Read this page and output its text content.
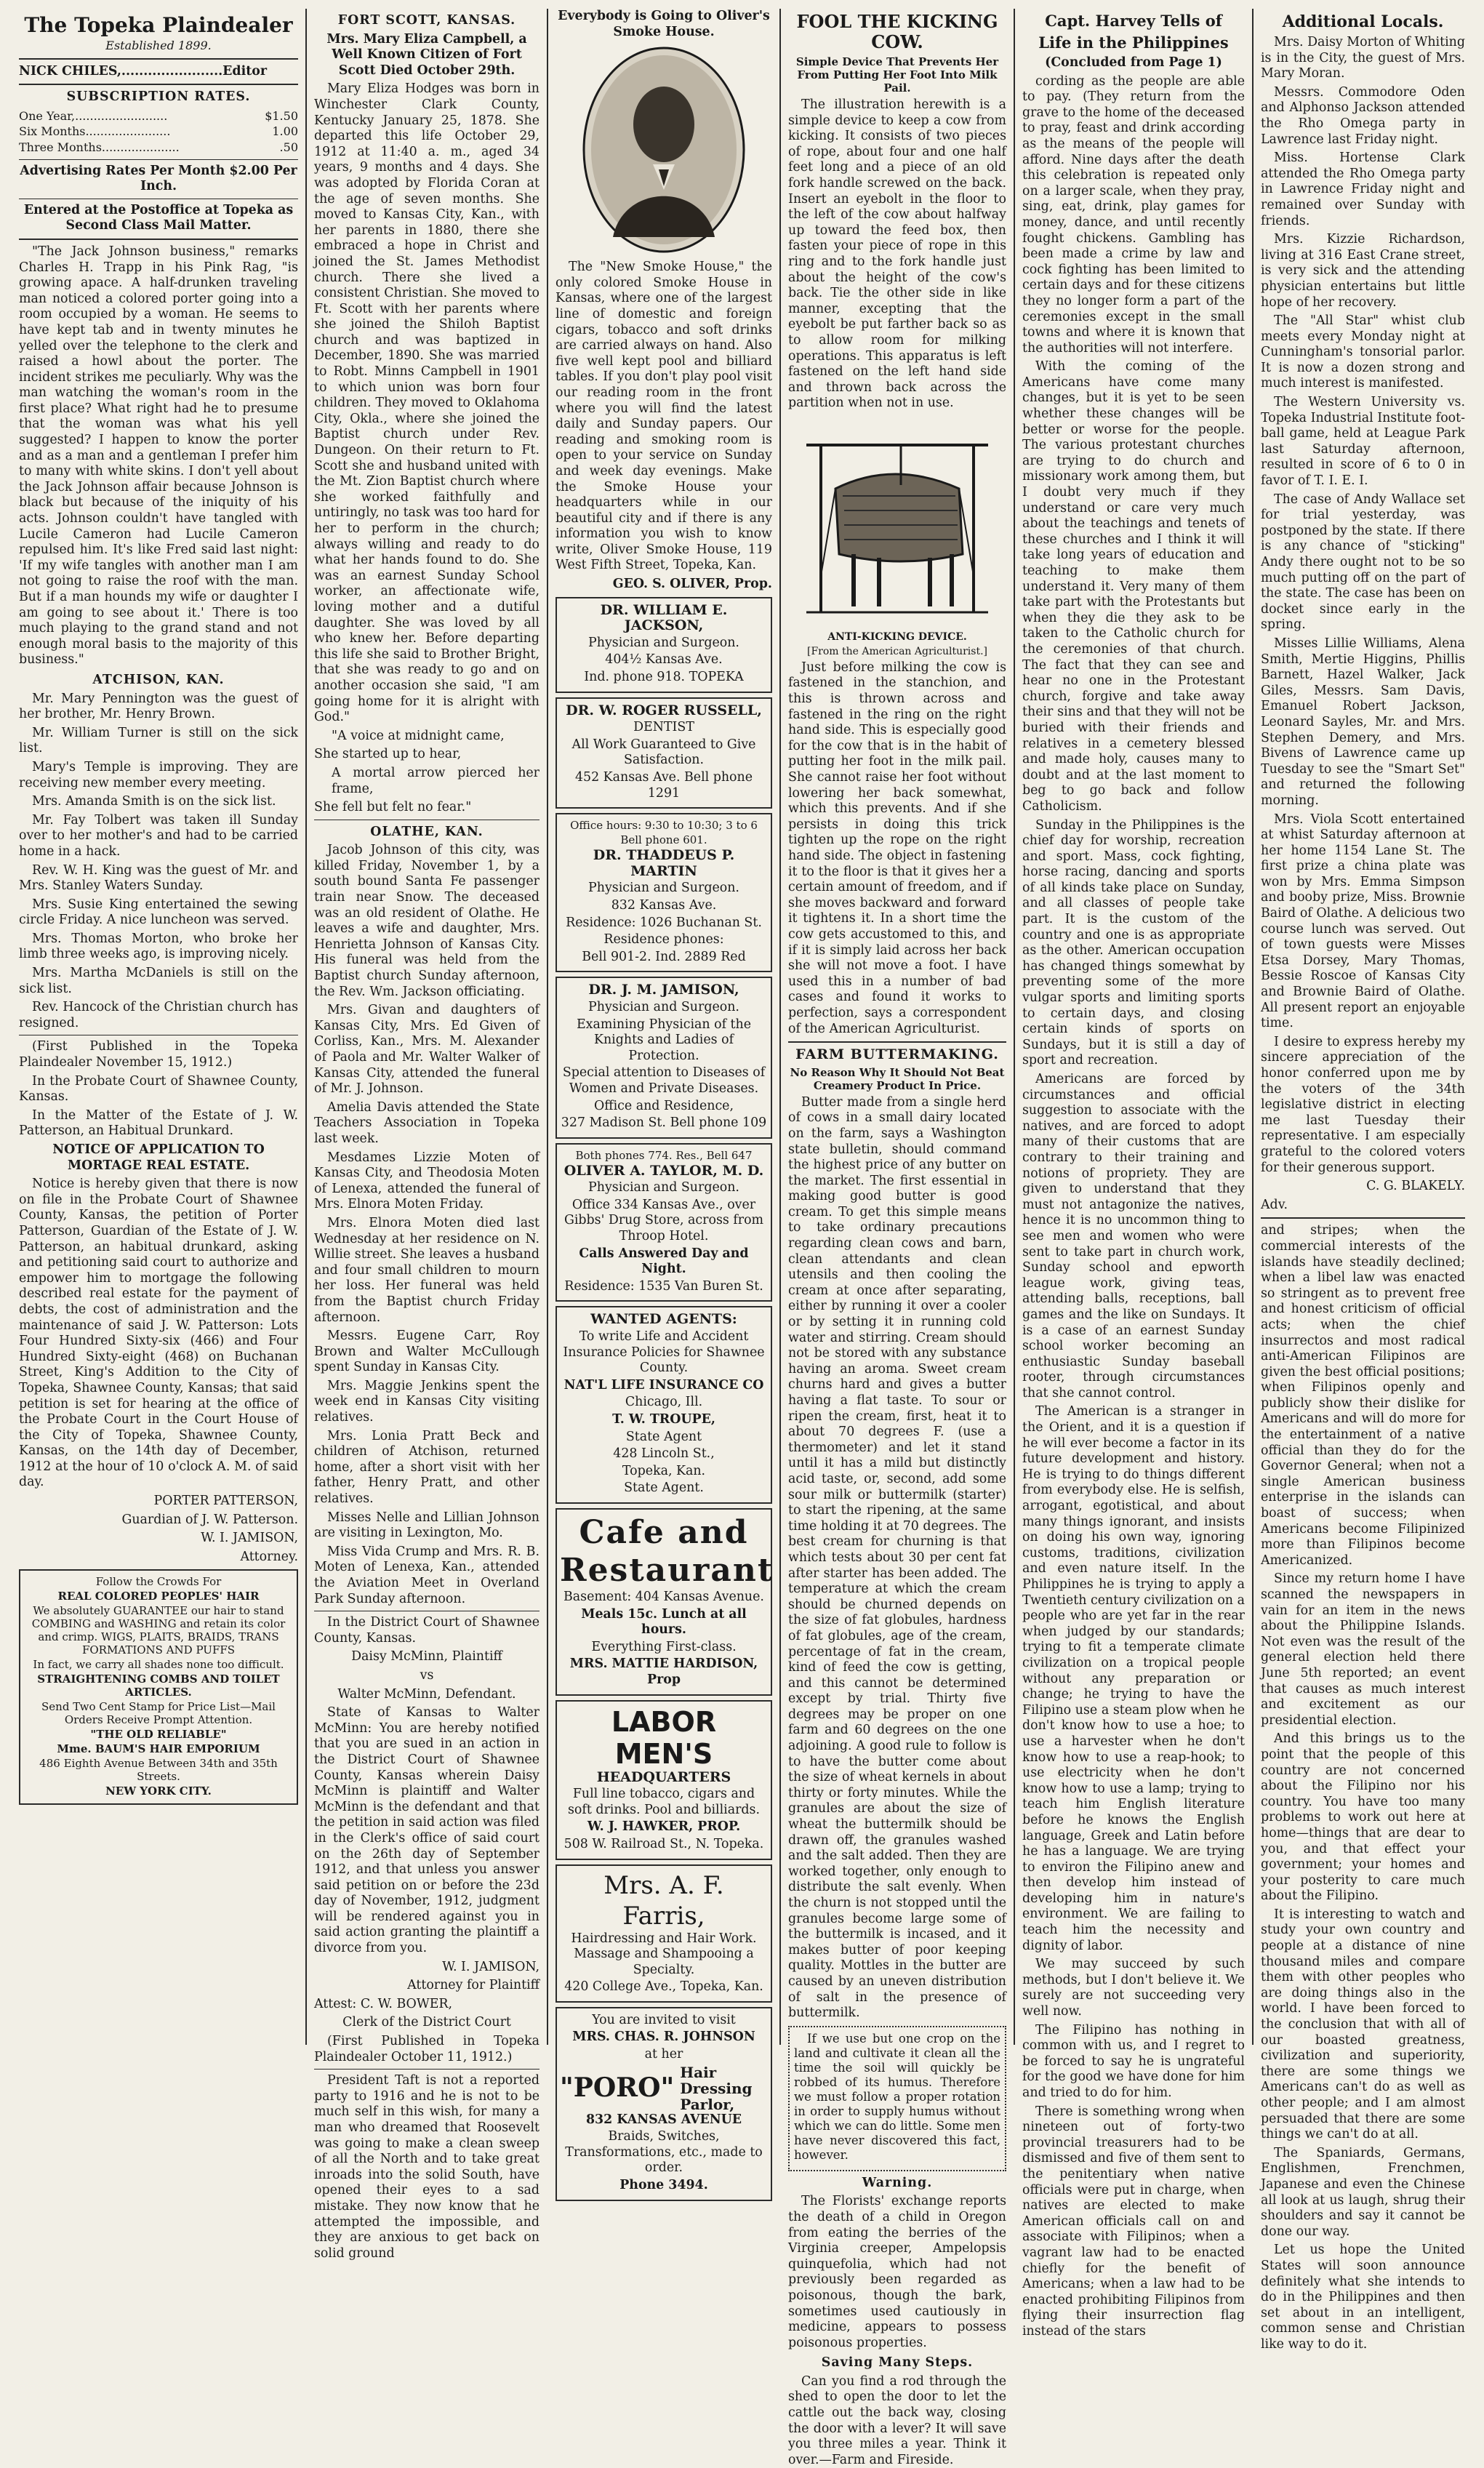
The Topeka Plaindealer
Established 1899.

NICK CHILES,.......................Editor

SUBSCRIPTION RATES.

One Year,.........................	$1.50
Six Months.......................	1.00
Three Months.....................	.50

Advertising Rates Per Month $2.00 Per Inch.

Entered at the Postoffice at Topeka as Second Class Mail Matter.

"The Jack Johnson business," remarks Charles H. Trapp in his Pink Rag, "is growing apace. A half-drunken traveling man noticed a colored porter going into a room occupied by a woman. He seems to have kept tab and in twenty minutes he yelled over the telephone to the clerk and raised a howl about the porter. The incident strikes me peculiarly. Why was the man watching the woman's room in the first place? What right had he to presume that the woman was what his yell suggested? I happen to know the porter and as a man and a gentleman I prefer him to many with white skins. I don't yell about the Jack Johnson affair because Johnson is black but because of the iniquity of his acts. Johnson couldn't have tangled with Lucile Cameron had Lucile Cameron repulsed him. It's like Fred said last night: 'If my wife tangles with another man I am not going to raise the roof with the man. But if a man hounds my wife or daughter I am going to see about it.' There is too much playing to the grand stand and not enough moral basis to the majority of this business."

ATCHISON, KAN.

Mr. Mary Pennington was the guest of her brother, Mr. Henry Brown.

Mr. William Turner is still on the sick list.

Mary's Temple is improving. They are receiving new member every meeting.

Mrs. Amanda Smith is on the sick list.

Mr. Fay Tolbert was taken ill Sunday over to her mother's and had to be carried home in a hack.

Rev. W. H. King was the guest of Mr. and Mrs. Stanley Waters Sunday.

Mrs. Susie King entertained the sewing circle Friday. A nice luncheon was served.

Mrs. Thomas Morton, who broke her limb three weeks ago, is improving nicely.

Mrs. Martha McDaniels is still on the sick list.

Rev. Hancock of the Christian church has resigned.

(First Published in the Topeka Plaindealer November 15, 1912.)

In the Probate Court of Shawnee County, Kansas.

In the Matter of the Estate of J. W. Patterson, an Habitual Drunkard.

NOTICE OF APPLICATION TO MORTAGE REAL ESTATE.

Notice is hereby given that there is now on file in the Probate Court of Shawnee County, Kansas, the petition of Porter Patterson, Guardian of the Estate of J. W. Patterson, an habitual drunkard, asking and petitioning said court to authorize and empower him to mortgage the following described real estate for the payment of debts, the cost of administration and the maintenance of said J. W. Patterson: Lots Four Hundred Sixty-six (466) and Four Hundred Sixty-eight (468) on Buchanan Street, King's Addition to the City of Topeka, Shawnee County, Kansas; that said petition is set for hearing at the office of the Probate Court in the Court House of the City of Topeka, Shawnee County, Kansas, on the 14th day of December, 1912 at the hour of 10 o'clock A. M. of said day.

PORTER PATTERSON,

Guardian of J. W. Patterson.

W. I. JAMISON,

Attorney.

Follow the Crowds For

REAL COLORED PEOPLES' HAIR

We absolutely GUARANTEE our hair to stand COMBING and WASHING and retain its color and crimp. WIGS, PLAITS, BRAIDS, TRANS FORMATIONS AND PUFFS

In fact, we carry all shades none too difficult.

STRAIGHTENING COMBS AND TOILET ARTICLES.

Send Two Cent Stamp for Price List—Mail Orders Receive Prompt Attention.

"THE OLD RELIABLE"

Mme. BAUM'S HAIR EMPORIUM

486 Eighth Avenue Between 34th and 35th Streets.

NEW YORK CITY.

FORT SCOTT, KANSAS.

Mrs. Mary Eliza Campbell, a Well Known Citizen of Fort Scott Died October 29th.

Mary Eliza Hodges was born in Winchester Clark County, Kentucky January 25, 1878. She departed this life October 29, 1912 at 11:40 a. m., aged 34 years, 9 months and 4 days. She was adopted by Florida Coran at the age of seven months. She moved to Kansas City, Kan., with her parents in 1880, there she embraced a hope in Christ and joined the St. James Methodist church. There she lived a consistent Christian. She moved to Ft. Scott with her parents where she joined the Shiloh Baptist church and was baptized in December, 1890. She was married to Robt. Minns Campbell in 1901 to which union was born four children. They moved to Oklahoma City, Okla., where she joined the Baptist church under Rev. Dungeon. On their return to Ft. Scott she and husband united with the Mt. Zion Baptist church where she worked faithfully and untiringly, no task was too hard for her to perform in the church; always willing and ready to do what her hands found to do. She was an earnest Sunday School worker, an affectionate wife, loving mother and a dutiful daughter. She was loved by all who knew her. Before departing this life she said to Brother Bright, that she was ready to go and on another occasion she said, "I am going home for it is alright with God."

"A voice at midnight came,

She started up to hear,

A mortal arrow pierced her frame,

She fell but felt no fear."

OLATHE, KAN.

Jacob Johnson of this city, was killed Friday, November 1, by a south bound Santa Fe passenger train near Snow. The deceased was an old resident of Olathe. He leaves a wife and daughter, Mrs. Henrietta Johnson of Kansas City. His funeral was held from the Baptist church Sunday afternoon, the Rev. Wm. Jackson officiating.

Mrs. Givan and daughters of Kansas City, Mrs. Ed Given of Corliss, Kan., Mrs. M. Alexander of Paola and Mr. Walter Walker of Kansas City, attended the funeral of Mr. J. Johnson.

Amelia Davis attended the State Teachers Association in Topeka last week.

Mesdames Lizzie Moten of Kansas City, and Theodosia Moten of Lenexa, attended the funeral of Mrs. Elnora Moten Friday.

Mrs. Elnora Moten died last Wednesday at her residence on N. Willie street. She leaves a husband and four small children to mourn her loss. Her funeral was held from the Baptist church Friday afternoon.

Messrs. Eugene Carr, Roy Brown and Walter McCullough spent Sunday in Kansas City.

Mrs. Maggie Jenkins spent the week end in Kansas City visiting relatives.

Mrs. Lonia Pratt Beck and children of Atchison, returned home, after a short visit with her father, Henry Pratt, and other relatives.

Misses Nelle and Lillian Johnson are visiting in Lexington, Mo.

Miss Vida Crump and Mrs. R. B. Moten of Lenexa, Kan., attended the Aviation Meet in Overland Park Sunday afternoon.

In the District Court of Shawnee County, Kansas.

Daisy McMinn, Plaintiff

vs

Walter McMinn, Defendant.

State of Kansas to Walter McMinn: You are hereby notified that you are sued in an action in the District Court of Shawnee County, Kansas wherein Daisy McMinn is plaintiff and Walter McMinn is the defendant and that the petition in said action was filed in the Clerk's office of said court on the 26th day of September 1912, and that unless you answer said petition on or before the 23d day of November, 1912, judgment will be rendered against you in said action granting the plaintiff a divorce from you.

W. I. JAMISON,

Attorney for Plaintiff

Attest: C. W. BOWER,

Clerk of the District Court

(First Published in Topeka Plaindealer October 11, 1912.)

President Taft is not a reported party to 1916 and he is not to be much self in this wish, for many a man who dreamed that Roosevelt was going to make a clean sweep of all the North and to take great inroads into the solid South, have opened their eyes to a sad mistake. They now know that he attempted the impossible, and they are anxious to get back on solid ground

Everybody is Going to Oliver's Smoke House.

The "New Smoke House," the only colored Smoke House in Kansas, where one of the largest line of domestic and foreign cigars, tobacco and soft drinks are carried always on hand. Also five well kept pool and billiard tables. If you don't play pool visit our reading room in the front where you will find the latest daily and Sunday papers. Our reading and smoking room is open to your service on Sunday and week day evenings. Make the Smoke House your headquarters while in our beautiful city and if there is any information you wish to know write, Oliver Smoke House, 119 West Fifth Street, Topeka, Kan.

GEO. S. OLIVER, Prop.

DR. WILLIAM E. JACKSON,

Physician and Surgeon.

404½ Kansas Ave.

Ind. phone 918. TOPEKA

DR. W. ROGER RUSSELL,

DENTIST

All Work Guaranteed to Give Satisfaction.

452 Kansas Ave. Bell phone 1291

Office hours: 9:30 to 10:30; 3 to 6

Bell phone 601.

DR. THADDEUS P. MARTIN

Physician and Surgeon.

832 Kansas Ave.

Residence: 1026 Buchanan St.

Residence phones:

Bell 901-2. Ind. 2889 Red

DR. J. M. JAMISON,

Physician and Surgeon.

Examining Physician of the Knights and Ladies of Protection.

Special attention to Diseases of Women and Private Diseases.

Office and Residence,

327 Madison St. Bell phone 109

Both phones 774. Res., Bell 647

OLIVER A. TAYLOR, M. D.

Physician and Surgeon.

Office 334 Kansas Ave., over Gibbs' Drug Store, across from Throop Hotel.

Calls Answered Day and Night.

Residence: 1535 Van Buren St.

WANTED AGENTS:

To write Life and Accident Insurance Policies for Shawnee County.

NAT'L LIFE INSURANCE CO

Chicago, Ill.

T. W. TROUPE,

State Agent

428 Lincoln St.,

Topeka, Kan.

State Agent.

Cafe and
Restaurant

Basement: 404 Kansas Avenue.

Meals 15c. Lunch at all hours.

Everything First-class.

MRS. MATTIE HARDISON, Prop

LABOR MEN'S

HEADQUARTERS

Full line tobacco, cigars and soft drinks. Pool and billiards.

W. J. HAWKER, PROP.

508 W. Railroad St., N. Topeka.

Mrs. A. F. Farris,

Hairdressing and Hair Work. Massage and Shampooing a Specialty.

420 College Ave., Topeka, Kan.

You are invited to visit

MRS. CHAS. R. JOHNSON

at her

"PORO"
Hair Dressing
Parlor,

832 KANSAS AVENUE

Braids, Switches, Transformations, etc., made to order.

Phone 3494.

FOOL THE KICKING COW.

Simple Device That Prevents Her From Putting Her Foot Into Milk Pail.

The illustration herewith is a simple device to keep a cow from kicking. It consists of two pieces of rope, about four and one half feet long and a piece of an old fork handle screwed on the back. Insert an eyebolt in the floor to the left of the cow about halfway up toward the feed box, then fasten your piece of rope in this ring and to the fork handle just about the height of the cow's back. Tie the other side in like manner, excepting that the eyebolt be put farther back so as to allow room for milking operations. This apparatus is left fastened on the left hand side and thrown back across the partition when not in use.

ANTI-KICKING DEVICE.

[From the American Agriculturist.]

Just before milking the cow is fastened in the stanchion, and this is thrown across and fastened in the ring on the right hand side. This is especially good for the cow that is in the habit of putting her foot in the milk pail. She cannot raise her foot without lowering her back somewhat, which this prevents. And if she persists in doing this trick tighten up the rope on the right hand side. The object in fastening it to the floor is that it gives her a certain amount of freedom, and if she moves backward and forward it tightens it. In a short time the cow gets accustomed to this, and if it is simply laid across her back she will not move a foot. I have used this in a number of bad cases and found it works to perfection, says a correspondent of the American Agriculturist.

FARM BUTTERMAKING.

No Reason Why It Should Not Beat Creamery Product In Price.

Butter made from a single herd of cows in a small dairy located on the farm, says a Washington state bulletin, should command the highest price of any butter on the market. The first essential in making good butter is good cream. To get this simple means to take ordinary precautions regarding clean cows and barn, clean attendants and clean utensils and then cooling the cream at once after separating, either by running it over a cooler or by setting it in running cold water and stirring. Cream should not be stored with any substance having an aroma. Sweet cream churns hard and gives a butter having a flat taste. To sour or ripen the cream, first, heat it to about 70 degrees F. (use a thermometer) and let it stand until it has a mild but distinctly acid taste, or, second, add some sour milk or buttermilk (starter) to start the ripening, at the same time holding it at 70 degrees. The best cream for churning is that which tests about 30 per cent fat after starter has been added. The temperature at which the cream should be churned depends on the size of fat globules, hardness of fat globules, age of the cream, percentage of fat in the cream, kind of feed the cow is getting, and this cannot be determined except by trial. Thirty five degrees may be proper on one farm and 60 degrees on the one adjoining. A good rule to follow is to have the butter come about the size of wheat kernels in about thirty or forty minutes. While the granules are about the size of wheat the buttermilk should be drawn off, the granules washed and the salt added. Then they are worked together, only enough to distribute the salt evenly. When the churn is not stopped until the granules become large some of the buttermilk is incased, and it makes butter of poor keeping quality. Mottles in the butter are caused by an uneven distribution of salt in the presence of buttermilk.

If we use but one crop on the land and cultivate it clean all the time the soil will quickly be robbed of its humus. Therefore we must follow a proper rotation in order to supply humus without which we can do little. Some men have never discovered this fact, however.

Warning.

The Florists' exchange reports the death of a child in Oregon from eating the berries of the Virginia creeper, Ampelopsis quinquefolia, which had not previously been regarded as poisonous, though the bark, sometimes used cautiously in medicine, appears to possess poisonous properties.

Saving Many Steps.

Can you find a rod through the shed to open the door to let the cattle out the back way, closing the door with a lever? It will save you three miles a year. Think it over.—Farm and Fireside.

Capt. Harvey Tells of
Life in the Philippines

(Concluded from Page 1)

cording as the people are able to pay. (They return from the grave to the home of the deceased to pray, feast and drink according as the means of the people will afford. Nine days after the death this celebration is repeated only on a larger scale, when they pray, sing, eat, drink, play games for money, dance, and until recently fought chickens. Gambling has been made a crime by law and cock fighting has been limited to certain days and for these citizens they no longer form a part of the ceremonies except in the small towns and where it is known that the authorities will not interfere.

With the coming of the Americans have come many changes, but it is yet to be seen whether these changes will be better or worse for the people. The various protestant churches are trying to do church and missionary work among them, but I doubt very much if they understand or care very much about the teachings and tenets of these churches and I think it will take long years of education and teaching to make them understand it. Very many of them take part with the Protestants but when they die they ask to be taken to the Catholic church for the ceremonies of that church. The fact that they can see and hear no one in the Protestant church, forgive and take away their sins and that they will not be buried with their friends and relatives in a cemetery blessed and made holy, causes many to doubt and at the last moment to beg to go back and follow Catholicism.

Sunday in the Philippines is the chief day for worship, recreation and sport. Mass, cock fighting, horse racing, dancing and sports of all kinds take place on Sunday, and all classes of people take part. It is the custom of the country and one is as appropriate as the other. American occupation has changed things somewhat by preventing some of the more vulgar sports and limiting sports to certain days, and closing certain kinds of sports on Sundays, but it is still a day of sport and recreation.

Americans are forced by circumstances and official suggestion to associate with the natives, and are forced to adopt many of their customs that are contrary to their training and notions of propriety. They are given to understand that they must not antagonize the natives, hence it is no uncommon thing to see men and women who were sent to take part in church work, Sunday school and epworth league work, giving teas, attending balls, receptions, ball games and the like on Sundays. It is a case of an earnest Sunday school worker becoming an enthusiastic Sunday baseball rooter, through circumstances that she cannot control.

The American is a stranger in the Orient, and it is a question if he will ever become a factor in its future development and history. He is trying to do things different from everybody else. He is selfish, arrogant, egotistical, and about many things ignorant, and insists on doing his own way, ignoring customs, traditions, civilization and even nature itself. In the Philippines he is trying to apply a Twentieth century civilization on a people who are yet far in the rear when judged by our standards; trying to fit a temperate climate civilization on a tropical people without any preparation or change; he trying to have the Filipino use a steam plow when he don't know how to use a hoe; to use a harvester when he don't know how to use a reap-hook; to use electricity when he don't know how to use a lamp; trying to teach him English literature before he knows the English language, Greek and Latin before he has a language. We are trying to environ the Filipino anew and then develop him instead of developing him in nature's environment. We are failing to teach him the necessity and dignity of labor.

We may succeed by such methods, but I don't believe it. We surely are not succeeding very well now.

The Filipino has nothing in common with us, and I regret to be forced to say he is ungrateful for the good we have done for him and tried to do for him.

There is something wrong when nineteen out of forty-two provincial treasurers had to be dismissed and five of them sent to the penitentiary when native officials were put in charge, when natives are elected to make American officials call on and associate with Filipinos; when a vagrant law had to be enacted chiefly for the benefit of Americans; when a law had to be enacted prohibiting Filipinos from flying their insurrection flag instead of the stars

Additional Locals.

Mrs. Daisy Morton of Whiting is in the City, the guest of Mrs. Mary Moran.

Messrs. Commodore Oden and Alphonso Jackson attended the Rho Omega party in Lawrence last Friday night.

Miss. Hortense Clark attended the Rho Omega party in Lawrence Friday night and remained over Sunday with friends.

Mrs. Kizzie Richardson, living at 316 East Crane street, is very sick and the attending physician entertains but little hope of her recovery.

The "All Star" whist club meets every Monday night at Cunningham's tonsorial parlor. It is now a dozen strong and much interest is manifested.

The Western University vs. Topeka Industrial Institute foot-ball game, held at League Park last Saturday afternoon, resulted in score of 6 to 0 in favor of T. I. E. I.

The case of Andy Wallace set for trial yesterday, was postponed by the state. If there is any chance of "sticking" Andy there ought not to be so much putting off on the part of the state. The case has been on docket since early in the spring.

Misses Lillie Williams, Alena Smith, Mertie Higgins, Phillis Barnett, Hazel Walker, Jack Giles, Messrs. Sam Davis, Emanuel Robert Jackson, Leonard Sayles, Mr. and Mrs. Stephen Demery, and Mrs. Bivens of Lawrence came up Tuesday to see the "Smart Set" and returned the following morning.

Mrs. Viola Scott entertained at whist Saturday afternoon at her home 1154 Lane St. The first prize a china plate was won by Mrs. Emma Simpson and booby prize, Miss. Brownie Baird of Olathe. A delicious two course lunch was served. Out of town guests were Misses Etsa Dorsey, Mary Thomas, Bessie Roscoe of Kansas City and Brownie Baird of Olathe. All present report an enjoyable time.

I desire to express hereby my sincere appreciation of the honor conferred upon me by the voters of the 34th legislative district in electing me last Tuesday their representative. I am especially grateful to the colored voters for their generous support.

C. G. BLAKELY.

Adv.

and stripes; when the commercial interests of the islands have steadily declined; when a libel law was enacted so stringent as to prevent free and honest criticism of official acts; when the chief insurrectos and most radical anti-American Filipinos are given the best official positions; when Filipinos openly and publicly show their dislike for Americans and will do more for the entertainment of a native official than they do for the Governor General; when not a single American business enterprise in the islands can boast of success; when Americans become Filipinized more than Filipinos become Americanized.

Since my return home I have scanned the newspapers in vain for an item in the news about the Philippine Islands. Not even was the result of the general election held there June 5th reported; an event that causes as much interest and excitement as our presidential election.

And this brings us to the point that the people of this country are not concerned about the Filipino nor his country. You have too many problems to work out here at home—things that are dear to you, and that effect your government; your homes and your posterity to care much about the Filipino.

It is interesting to watch and study your own country and people at a distance of nine thousand miles and compare them with other peoples who are doing things also in the world. I have been forced to the conclusion that with all of our boasted greatness, civilization and superiority, there are some things we Americans can't do as well as other people; and I am almost persuaded that there are some things we can't do at all.

The Spaniards, Germans, Englishmen, Frenchmen, Japanese and even the Chinese all look at us laugh, shrug their shoulders and say it cannot be done our way.

Let us hope the United States will soon announce definitely what she intends to do in the Philippines and then set about in an intelligent, common sense and Christian like way to do it.
